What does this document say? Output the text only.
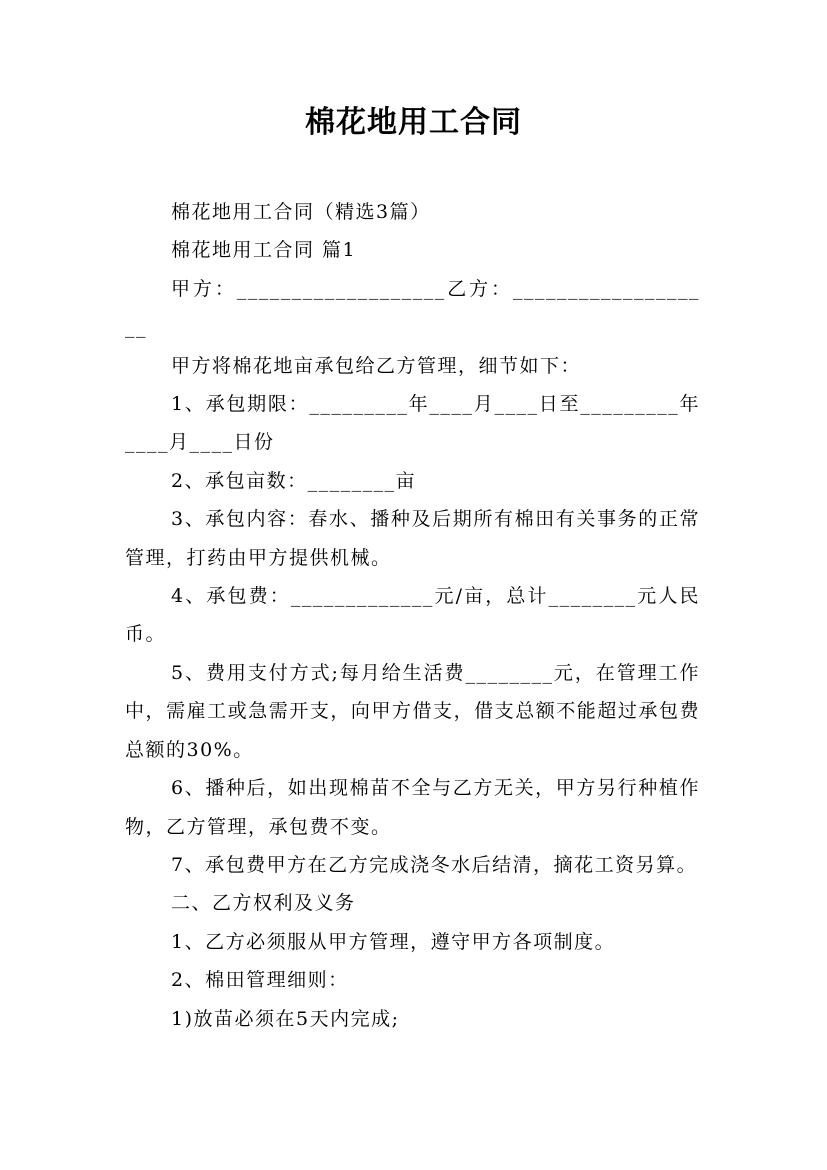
棉花地用工合同

棉花地用工合同（精选3篇）

棉花地用工合同 篇1

甲方：___________________乙方：___________________

甲方将棉花地亩承包给乙方管理，细节如下：

1、承包期限：_________年____月____日至_________年____月____日份

2、承包亩数：________亩

3、承包内容：春水、播种及后期所有棉田有关事务的正常管理，打药由甲方提供机械。

4、承包费：_____________元/亩，总计________元人民币。

5、费用支付方式;每月给生活费________元，在管理工作中，需雇工或急需开支，向甲方借支，借支总额不能超过承包费总额的30%。

6、播种后，如出现棉苗不全与乙方无关，甲方另行种植作物，乙方管理，承包费不变。

7、承包费甲方在乙方完成浇冬水后结清，摘花工资另算。

二、乙方权利及义务

1、乙方必须服从甲方管理，遵守甲方各项制度。

2、棉田管理细则：

1)放苗必须在5天内完成;
